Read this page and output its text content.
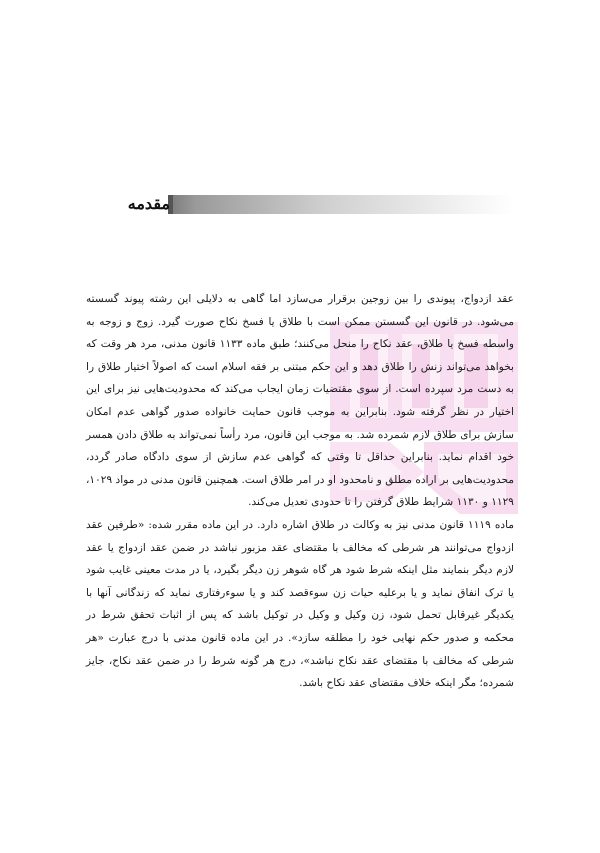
مقدمه

عقد ازدواج، پیوندی را بین زوجین برقرار می‌سازد اما گاهی به دلایلی این رشته پیوند گسسته می‌شود. در قانون این گسستن ممکن است با طلاق یا فسخ نکاح صورت گیرد. زوج و زوجه به واسطه فسخ یا طلاق، عقد نکاح را منحل می‌کنند؛ طبق ماده ۱۱۳۳ قانون مدنی، مرد هر وقت که بخواهد می‌تواند زنش را طلاق دهد و این حکم مبتنی بر فقه اسلام است که اصولاً اختیار طلاق را به دست مرد سپرده است. از سوی مقتضیات زمان ایجاب می‌کند که محدودیت‌هایی نیز برای این اختیار در نظر گرفته شود. بنابراین به موجب قانون حمایت خانواده صدور گواهی عدم امکان سازش برای طلاق لازم شمرده شد. به موجب این قانون، مرد رأساً نمی‌تواند به طلاق دادن همسر خود اقدام نماید. بنابراین حداقل تا وقتی که گواهی عدم سازش از سوی دادگاه صادر گردد، محدودیت‌هایی بر اراده مطلق و نامحدود او در امر طلاق است. همچنین قانون مدنی در مواد ۱۰۲۹، ۱۱۲۹ و ۱۱۳۰ شرایط طلاق گرفتن را تا حدودی تعدیل می‌کند.

ماده ۱۱۱۹ قانون مدنی نیز به وکالت در طلاق اشاره دارد. در این ماده مقرر شده: «طرفین عقد ازدواج می‌توانند هر شرطی که مخالف با مقتضای عقد مزبور نباشد در ضمن عقد ازدواج یا عقد لازم دیگر بنمایند مثل اینکه شرط شود هر گاه شوهر زن دیگر بگیرد، یا در مدت معینی غایب شود یا ترک انفاق نماید و یا برعلیه حیات زن سوءقصد کند و یا سوءرفتاری نماید که زندگانی آنها با یکدیگر غیرقابل تحمل شود، زن وکیل و وکیل در توکیل باشد که پس از اثبات تحقق شرط در محکمه و صدور حکم نهایی خود را مطلقه سازد». در این ماده قانون مدنی با درج عبارت «هر شرطی که مخالف با مقتضای عقد نکاح نباشد»، درج هر گونه شرط را در ضمن عقد نکاح، جایز شمرده؛ مگر اینکه خلاف مقتضای عقد نکاح باشد.
